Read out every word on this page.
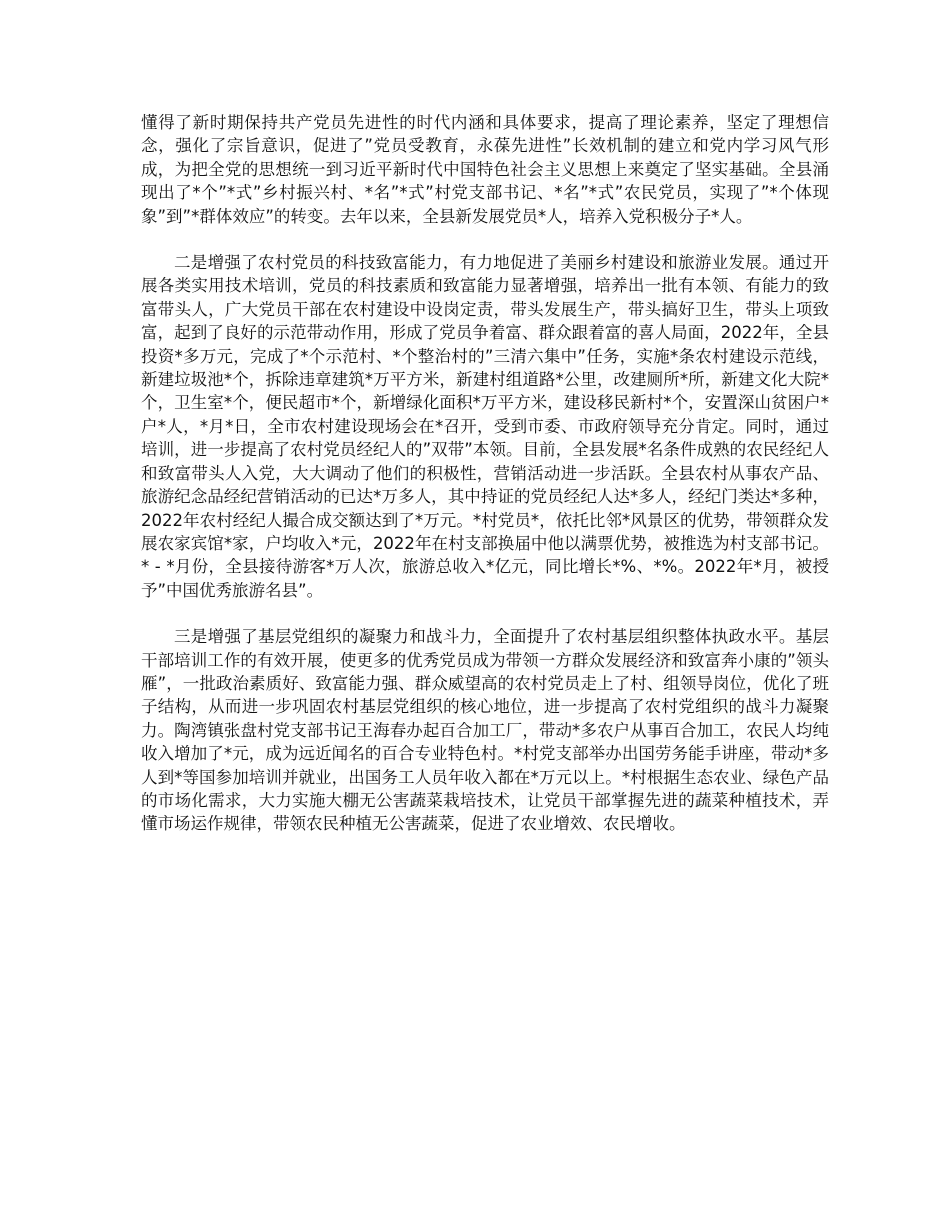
懂得了新时期保持共产党员先进性的时代内涵和具体要求，提高了理论素养，坚定了理想信念，强化了宗旨意识，促进了”党员受教育，永葆先进性”长效机制的建立和党内学习风气形成，为把全党的思想统一到习近平新时代中国特色社会主义思想上来奠定了坚实基础。全县涌现出了*个”*式”乡村振兴村、*名”*式”村党支部书记、*名”*式”农民党员，实现了”*个体现象”到”*群体效应”的转变。去年以来，全县新发展党员*人，培养入党积极分子*人。

二是增强了农村党员的科技致富能力，有力地促进了美丽乡村建设和旅游业发展。通过开展各类实用技术培训，党员的科技素质和致富能力显著增强，培养出一批有本领、有能力的致富带头人，广大党员干部在农村建设中设岗定责，带头发展生产，带头搞好卫生，带头上项致富，起到了良好的示范带动作用，形成了党员争着富、群众跟着富的喜人局面，2022年，全县投资*多万元，完成了*个示范村、*个整治村的”三清六集中”任务，实施*条农村建设示范线，新建垃圾池*个，拆除违章建筑*万平方米，新建村组道路*公里，改建厕所*所，新建文化大院*个，卫生室*个，便民超市*个，新增绿化面积*万平方米，建设移民新村*个，安置深山贫困户*户*人，*月*日，全市农村建设现场会在*召开，受到市委、市政府领导充分肯定。同时，通过培训，进一步提高了农村党员经纪人的”双带”本领。目前，全县发展*名条件成熟的农民经纪人和致富带头人入党，大大调动了他们的积极性，营销活动进一步活跃。全县农村从事农产品、旅游纪念品经纪营销活动的已达*万多人，其中持证的党员经纪人达*多人，经纪门类达*多种，2022年农村经纪人撮合成交额达到了*万元。*村党员*，依托比邻*风景区的优势，带领群众发展农家宾馆*家，户均收入*元，2022年在村支部换届中他以满票优势，被推选为村支部书记。* - *月份，全县接待游客*万人次，旅游总收入*亿元，同比增长*%、*%。2022年*月，被授予”中国优秀旅游名县”。

三是增强了基层党组织的凝聚力和战斗力，全面提升了农村基层组织整体执政水平。基层干部培训工作的有效开展，使更多的优秀党员成为带领一方群众发展经济和致富奔小康的”领头雁”，一批政治素质好、致富能力强、群众威望高的农村党员走上了村、组领导岗位，优化了班子结构，从而进一步巩固农村基层党组织的核心地位，进一步提高了农村党组织的战斗力凝聚力。陶湾镇张盘村党支部书记王海春办起百合加工厂，带动*多农户从事百合加工，农民人均纯收入增加了*元，成为远近闻名的百合专业特色村。*村党支部举办出国劳务能手讲座，带动*多人到*等国参加培训并就业，出国务工人员年收入都在*万元以上。*村根据生态农业、绿色产品的市场化需求，大力实施大棚无公害蔬菜栽培技术，让党员干部掌握先进的蔬菜种植技术，弄懂市场运作规律，带领农民种植无公害蔬菜，促进了农业增效、农民增收。
